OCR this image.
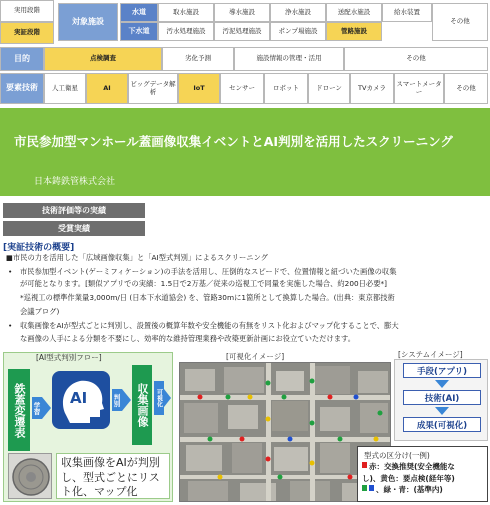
実用段階
実証段階
対象施設
水道
下水道
取水施設	導水施設	浄水施設	送配水施設	給水装置
汚水処理施設	汚泥処理施設	ポンプ場施設	管路施設
その他
目的	点検調査	劣化予測	施設情報の管理・活用	その他
要素技術 人工衛星	AI	ビッグデータ解析	IoT	センサー	ロボット	ドローン TVカメラ スマートメーター	その他
市民参加型マンホール蓋画像収集イベントとAI判別を活用したスクリーニング
日本鋳鉄管株式会社
技術評価等の実績
受賞実績
[実証技術の概要]
■市民の力を活用した「広域画像収集」と「AI型式判別」によるスクリーニング
• 市民参加型イベント(ゲーミフィケーション)の手法を活用し、圧倒的なスピードで、位置情報と紐づいた画像の収集
が可能となります。[類似アプリでの実績：1.5日で2万基／従来の巡視工で同量を実施した場合、約200日必要*]
*巡視工の標準作業量3,000m/日 (日本下水道協会) を、管路30mに1箇所として換算した場合。(出典：東京都技術
会議ブログ)
• 収集画像をAIが型式ごとに判別し、設置後の概算年数や安全機能の有無をリスト化およびマップ化することで、膨大
な画像の人手による分類を不要にし、効率的な維持管理業務や改築更新計画にお役立ていただけます。
[AI型式判別フロー]
鉄蓋変遷表	学習
AI	判別	収集画像	可視化
収集画像をAIが判別し、型式ごとにリスト化、マップ化
[可視化イメージ]	[システムイメージ]
手段(アプリ)
技術(AI)
成果(可視化)
型式の区分け(一例)
赤：交換推奨(安全機能な
し)、黄色：要点検(経年等)
、緑・青：(基準内)
